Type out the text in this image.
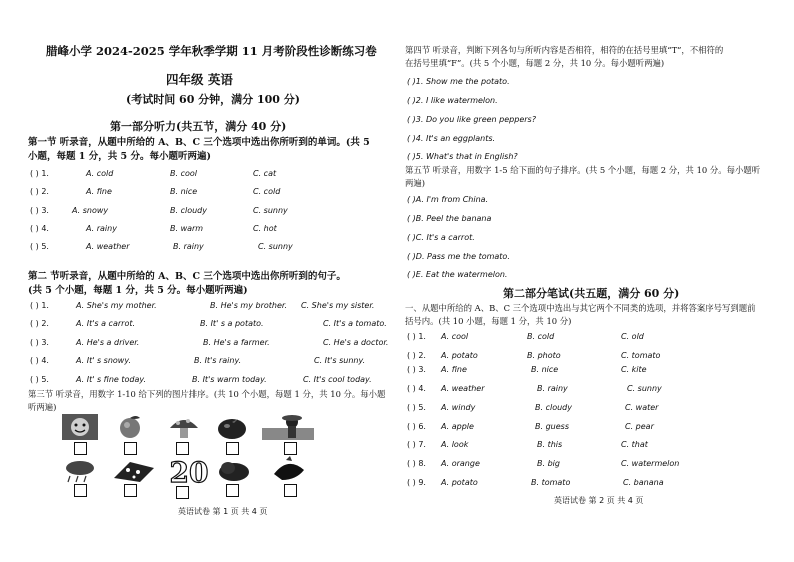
腊峰小学 2024-2025 学年秋季学期 11 月考阶段性诊断练习卷
四年级 英语
(考试时间 60 分钟，满分 100 分)
第一部分听力(共五节，满分 40 分)
第一节 听录音，从题中所给的 A、B、C 三个选项中选出你所听到的单词。(共 5
小题，每题 1 分，共 5 分。每小题听两遍)
( ) 1.	A. cold	B. cool	C. cat
( ) 2.	A. fine	B. nice	C. cold
( ) 3.	A. snowy	B. cloudy	C. sunny
( ) 4.	A. rainy	B. warm	C. hot
( ) 5.	A. weather	B. rainy	C. sunny
第二 节听录音，从题中所给的 A、B、C 三个选项中选出你所听到的句子。
(共 5 个小题，每题 1 分，共 5 分。每小题听两遍)
( ) 1.	A. She's my mother.	B. He's my brother. C. She's my sister.
( ) 2.	A. It's a carrot.	B. It' s a potato.	C. It's a tomato.
( ) 3.	A. He's a driver.	B. He's a farmer.	C. He's a doctor.
( ) 4.	A. It' s snowy.	B. It's rainy.	C. It's sunny.
( ) 5.	A. It' s fine today.	B. It's warm today.	C. It's cool today.
第三节 听录音，用数字 1-10 给下列的图片排序。(共 10 个小题，每题 1 分，共 10 分。每小题
听两遍)
20
英语试卷 第 1 页 共 4 页
第四节 听录音，判断下列各句与所听内容是否相符，相符的在括号里填“T”，不相符的
在括号里填“F”。(共 5 个小题，每题 2 分，共 10 分。每小题听两遍)
( )1. Show me the potato.
( )2. I like watermelon.
( )3. Do you like green peppers?
( )4. It's an eggplants.
( )5. What's that in English?
第五节 听录音，用数字 1-5 给下面的句子排序。(共 5 个小题，每题 2 分，共 10 分。每小题听
两遍)
( )A. I'm from China.
( )B. Peel the banana
( )C. It's a carrot.
( )D. Pass me the tomato.
( )E. Eat the watermelon.
第二部分笔试(共五题，满分 60 分)
一、从题中所给的 A、B、C 三个选项中选出与其它两个不同类的选项，并将答案序号写到题前
括号内。(共 10 小题，每题 1 分，共 10 分)
( ) 1. A. cool	B. cold	C. old
( ) 2. A. potato	B. photo	C. tomato
( ) 3. A. fine	B. nice	C. kite
( ) 4. A. weather	B. rainy	C. sunny
( ) 5. A. windy	B. cloudy	C. water
( ) 6. A. apple	B. guess	C. pear
( ) 7. A. look	B. this	C. that
( ) 8. A. orange	B. big	C. watermelon
( ) 9. A. potato	B. tomato	C. banana
英语试卷 第 2 页 共 4 页
